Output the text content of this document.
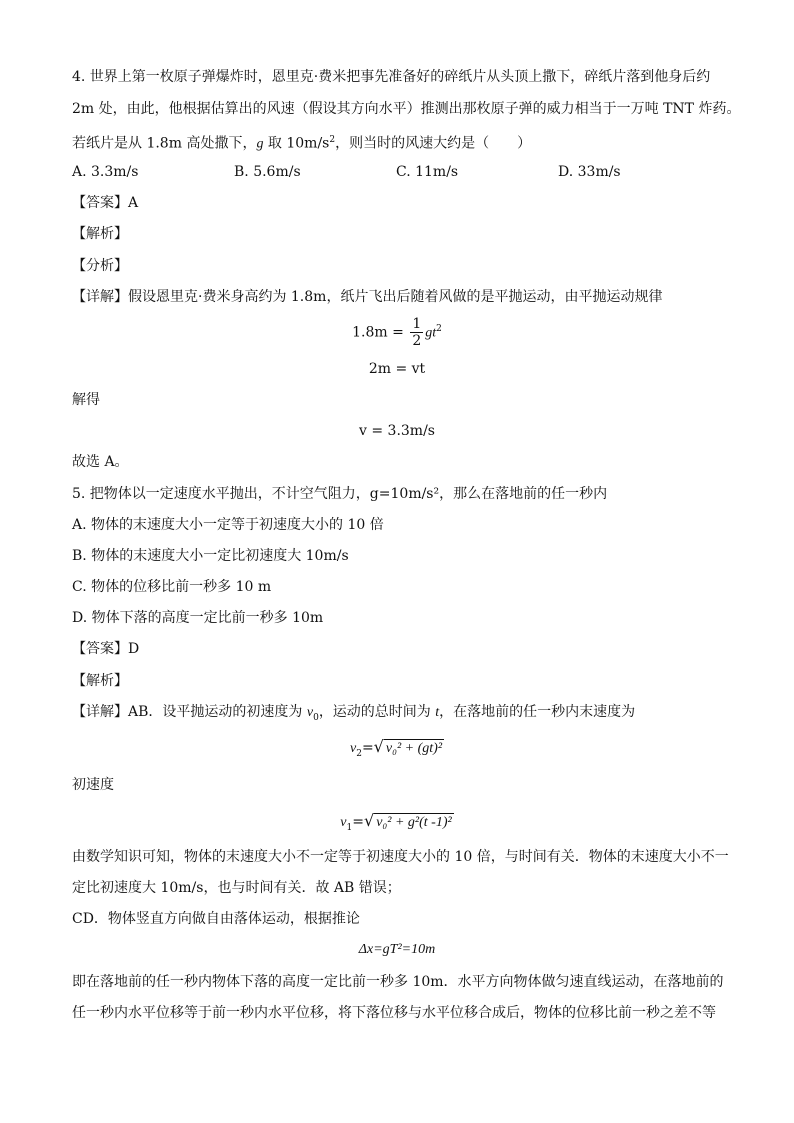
4. 世界上第一枚原子弹爆炸时，恩里克·费米把事先准备好的碎纸片从头顶上撒下，碎纸片落到他身后约
2m 处，由此，他根据估算出的风速（假设其方向水平）推测出那枚原子弹的威力相当于一万吨 TNT 炸药。
若纸片是从 1.8m 高处撒下，g 取 $10m/s^2$，则当时的风速大约是（　　）
A. 3.3m/s	B. 5.6m/s	C. 11m/s	D. 33m/s
【答案】A
【解析】
【分析】
【详解】假设恩里克·费米身高约为 1.8m，纸片飞出后随着风做的是平抛运动，由平抛运动规律
$1.8m = \frac{1}{2} gt^2$
2m = vt
解得
v = 3.3m/s
故选 A。
5. 把物体以一定速度水平抛出，不计空气阻力，g=10m/s²，那么在落地前的任一秒内
A. 物体的末速度大小一定等于初速度大小的 10 倍
B. 物体的末速度大小一定比初速度大 10m/s
C. 物体的位移比前一秒多 10 m
D. 物体下落的高度一定比前一秒多 10m
【答案】D
【解析】
【详解】AB．设平抛运动的初速度为 $v_0$，运动的总时间为 t，在落地前的任一秒内末速度为
$v_2=√$ v₀² + (gt)²
初速度
$v_1=√$ v₀² + g²(t -1)²
由数学知识可知，物体的末速度大小不一定等于初速度大小的 10 倍，与时间有关．物体的末速度大小不一
定比初速度大 10m/s，也与时间有关．故 AB 错误；
CD．物体竖直方向做自由落体运动，根据推论
Δx=gT²=10m
即在落地前的任一秒内物体下落的高度一定比前一秒多 10m．水平方向物体做匀速直线运动，在落地前的
任一秒内水平位移等于前一秒内水平位移，将下落位移与水平位移合成后，物体的位移比前一秒之差不等
